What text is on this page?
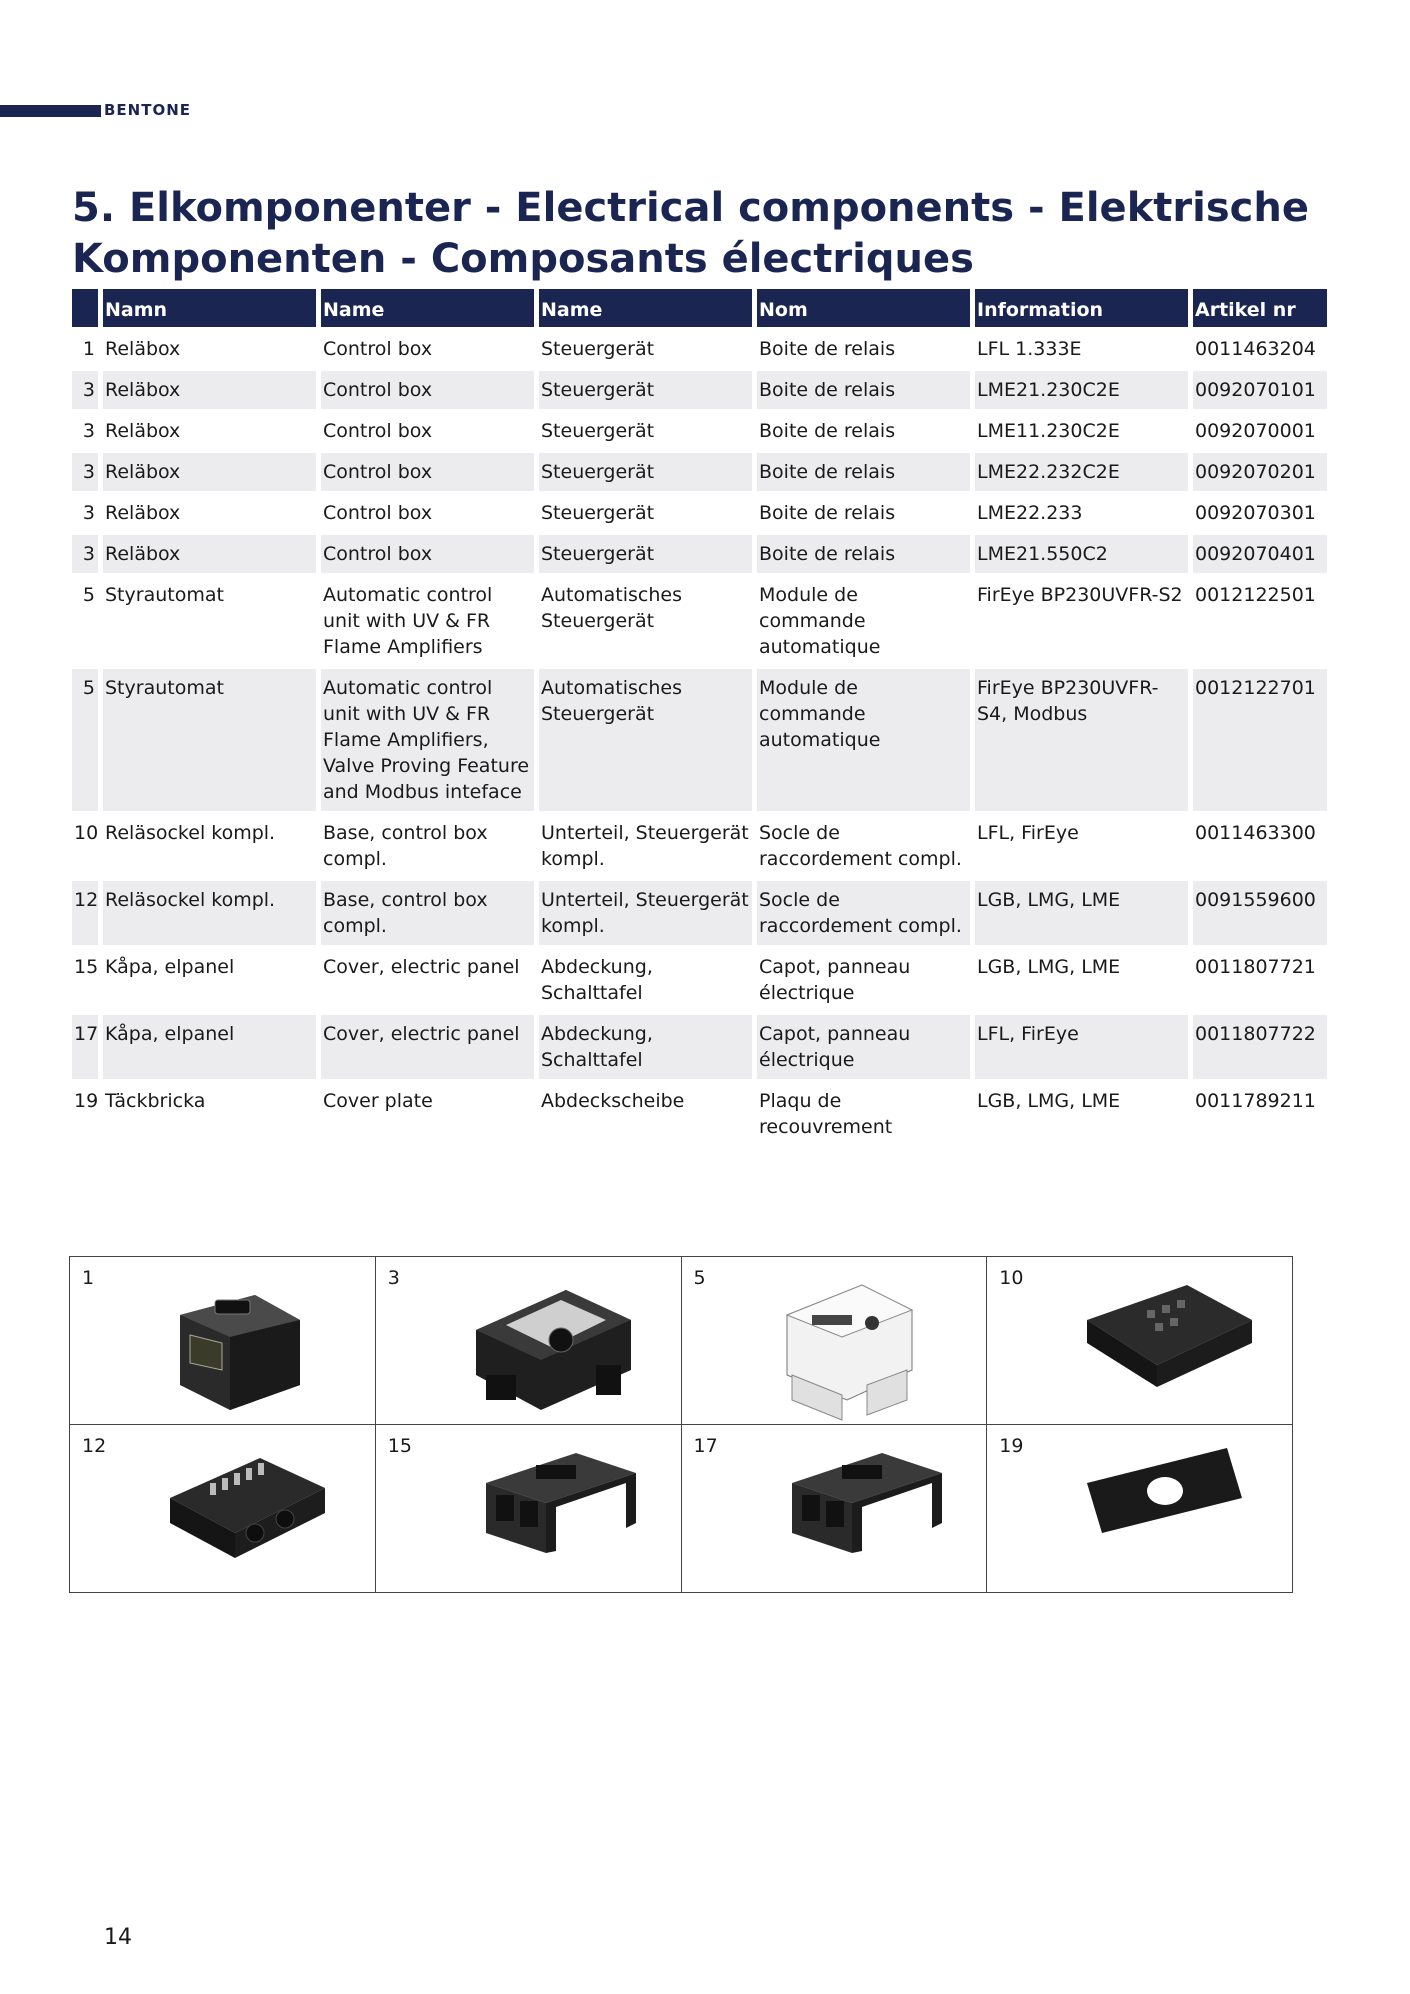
BENTONE
5. Elkomponenter - Electrical components - Elektrische Komponenten - Composants électriques
	Namn	Name	Name	Nom	Information	Artikel nr
1	Reläbox	Control box	Steuergerät	Boite de relais	LFL 1.333E	0011463204
3	Reläbox	Control box	Steuergerät	Boite de relais	LME21.230C2E	0092070101
3	Reläbox	Control box	Steuergerät	Boite de relais	LME11.230C2E	0092070001
3	Reläbox	Control box	Steuergerät	Boite de relais	LME22.232C2E	0092070201
3	Reläbox	Control box	Steuergerät	Boite de relais	LME22.233	0092070301
3	Reläbox	Control box	Steuergerät	Boite de relais	LME21.550C2	0092070401
5	Styrautomat	Automatic control unit with UV & FR Flame Amplifiers	Automatisches Steuergerät	Module de commande automatique	FirEye BP230UVFR-S2	0012122501
5	Styrautomat	Automatic control unit with UV & FR Flame Amplifiers, Valve Proving Feature and Modbus inteface	Automatisches Steuergerät	Module de commande automatique	FirEye BP230UVFR-S4, Modbus	0012122701
10	Reläsockel kompl.	Base, control box compl.	Unterteil, Steuergerät kompl.	Socle de raccordement compl.	LFL, FirEye	0011463300
12	Reläsockel kompl.	Base, control box compl.	Unterteil, Steuergerät kompl.	Socle de raccordement compl.	LGB, LMG, LME	0091559600
15	Kåpa, elpanel	Cover, electric panel	Abdeckung, Schalttafel	Capot, panneau électrique	LGB, LMG, LME	0011807721
17	Kåpa, elpanel	Cover, electric panel	Abdeckung, Schalttafel	Capot, panneau électrique	LFL, FirEye	0011807722
19	Täckbricka	Cover plate	Abdeckscheibe	Plaqu de recouvrement	LGB, LMG, LME	0011789211
1	3	5	10
12	15	17	19
14
